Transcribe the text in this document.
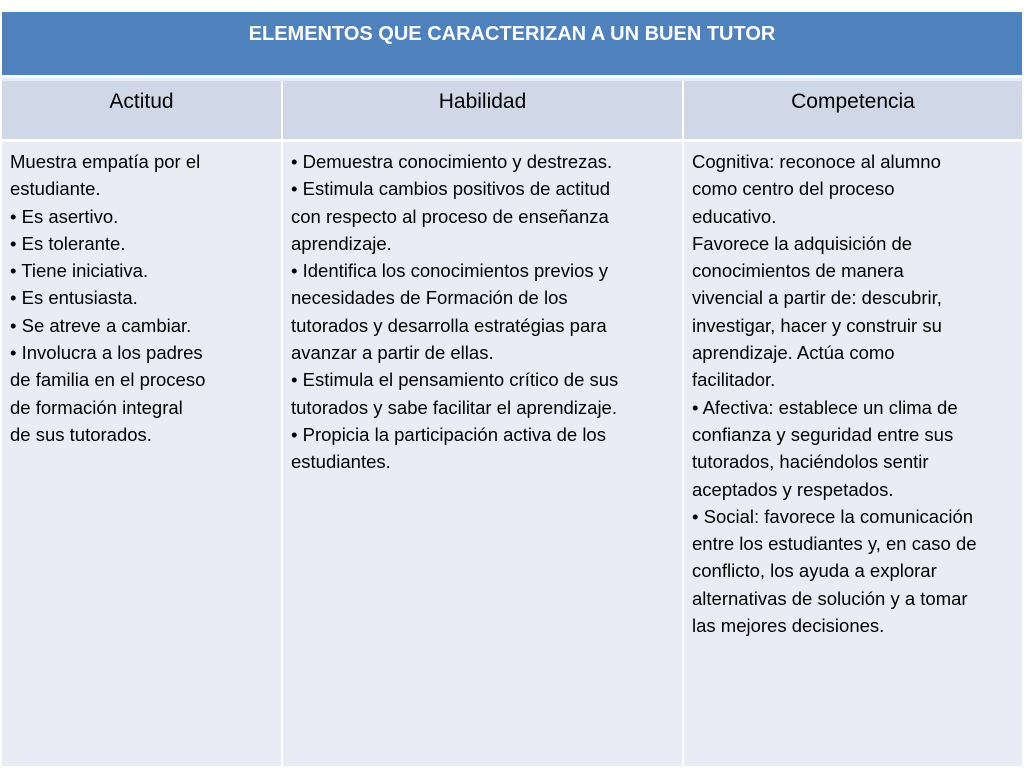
ELEMENTOS QUE CARACTERIZAN A UN BUEN TUTOR
Actitud	Habilidad	Competencia
Muestra empatía por el
estudiante.
• Es asertivo.
• Es tolerante.
• Tiene iniciativa.
• Es entusiasta.
• Se atreve a cambiar.
• Involucra a los padres
de familia en el proceso
de formación integral
de sus tutorados.
• Demuestra conocimiento y destrezas.
• Estimula cambios positivos de actitud
con respecto al proceso de enseñanza
aprendizaje.
• Identifica los conocimientos previos y
necesidades de Formación de los
tutorados y desarrolla estratégias para
avanzar a partir de ellas.
• Estimula el pensamiento crítico de sus
tutorados y sabe facilitar el aprendizaje.
• Propicia la participación activa de los
estudiantes.
Cognitiva: reconoce al alumno
como centro del proceso
educativo.
Favorece la adquisición de
conocimientos de manera
vivencial a partir de: descubrir,
investigar, hacer y construir su
aprendizaje. Actúa como
facilitador.
• Afectiva: establece un clima de
confianza y seguridad entre sus
tutorados, haciéndolos sentir
aceptados y respetados.
• Social: favorece la comunicación
entre los estudiantes y, en caso de
conflicto, los ayuda a explorar
alternativas de solución y a tomar
las mejores decisiones.
